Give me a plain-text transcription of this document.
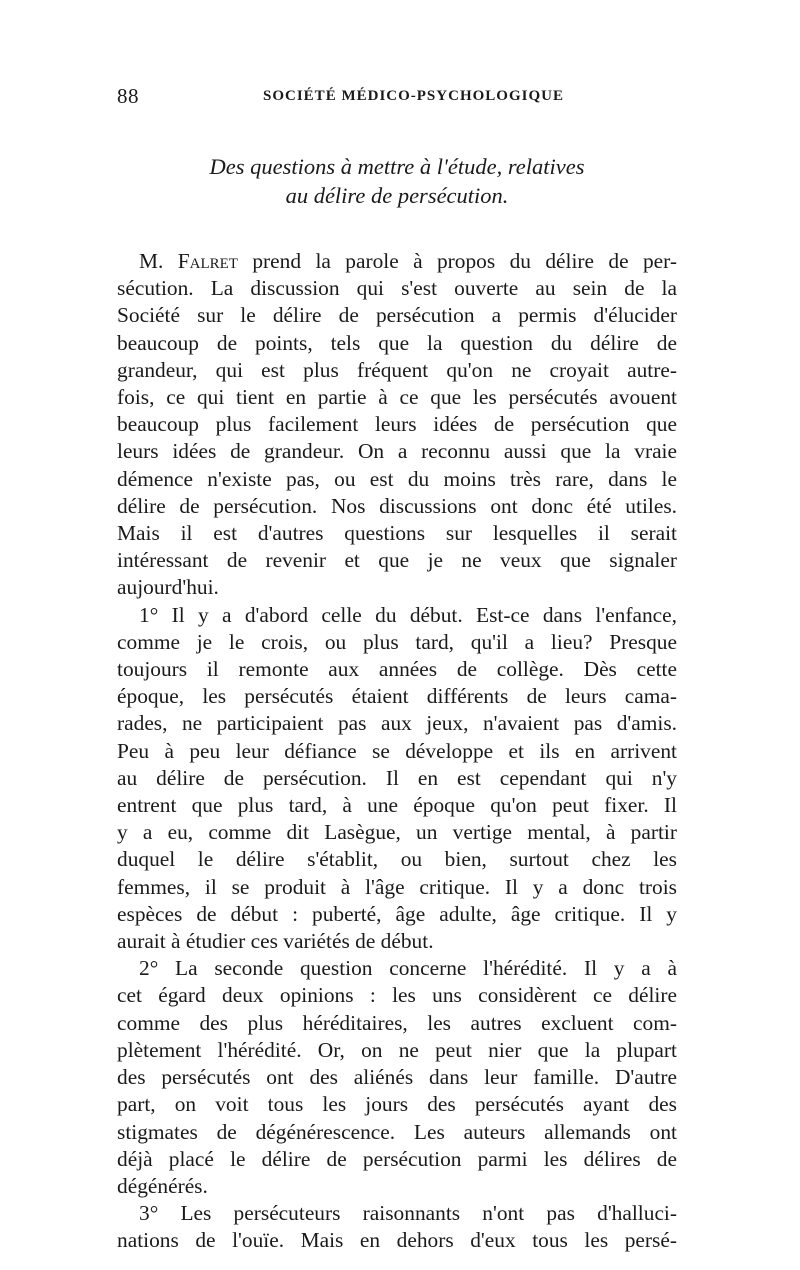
88	SOCIÉTÉ MÉDICO-PSYCHOLOGIQUE
Des questions à mettre à l'étude, relatives
au délire de persécution.
M. Falret prend la parole à propos du délire de per-
sécution. La discussion qui s'est ouverte au sein de la
Société sur le délire de persécution a permis d'élucider
beaucoup de points, tels que la question du délire de
grandeur, qui est plus fréquent qu'on ne croyait autre-
fois, ce qui tient en partie à ce que les persécutés avouent
beaucoup plus facilement leurs idées de persécution que
leurs idées de grandeur. On a reconnu aussi que la vraie
démence n'existe pas, ou est du moins très rare, dans le
délire de persécution. Nos discussions ont donc été utiles.
Mais il est d'autres questions sur lesquelles il serait
intéressant de revenir et que je ne veux que signaler
aujourd'hui.
1° Il y a d'abord celle du début. Est-ce dans l'enfance,
comme je le crois, ou plus tard, qu'il a lieu? Presque
toujours il remonte aux années de collège. Dès cette
époque, les persécutés étaient différents de leurs cama-
rades, ne participaient pas aux jeux, n'avaient pas d'amis.
Peu à peu leur défiance se développe et ils en arrivent
au délire de persécution. Il en est cependant qui n'y
entrent que plus tard, à une époque qu'on peut fixer. Il
y a eu, comme dit Lasègue, un vertige mental, à partir
duquel le délire s'établit, ou bien, surtout chez les
femmes, il se produit à l'âge critique. Il y a donc trois
espèces de début : puberté, âge adulte, âge critique. Il y
aurait à étudier ces variétés de début.
2° La seconde question concerne l'hérédité. Il y a à
cet égard deux opinions : les uns considèrent ce délire
comme des plus héréditaires, les autres excluent com-
plètement l'hérédité. Or, on ne peut nier que la plupart
des persécutés ont des aliénés dans leur famille. D'autre
part, on voit tous les jours des persécutés ayant des
stigmates de dégénérescence. Les auteurs allemands ont
déjà placé le délire de persécution parmi les délires de
dégénérés.
3° Les persécuteurs raisonnants n'ont pas d'halluci-
nations de l'ouïe. Mais en dehors d'eux tous les persé-
